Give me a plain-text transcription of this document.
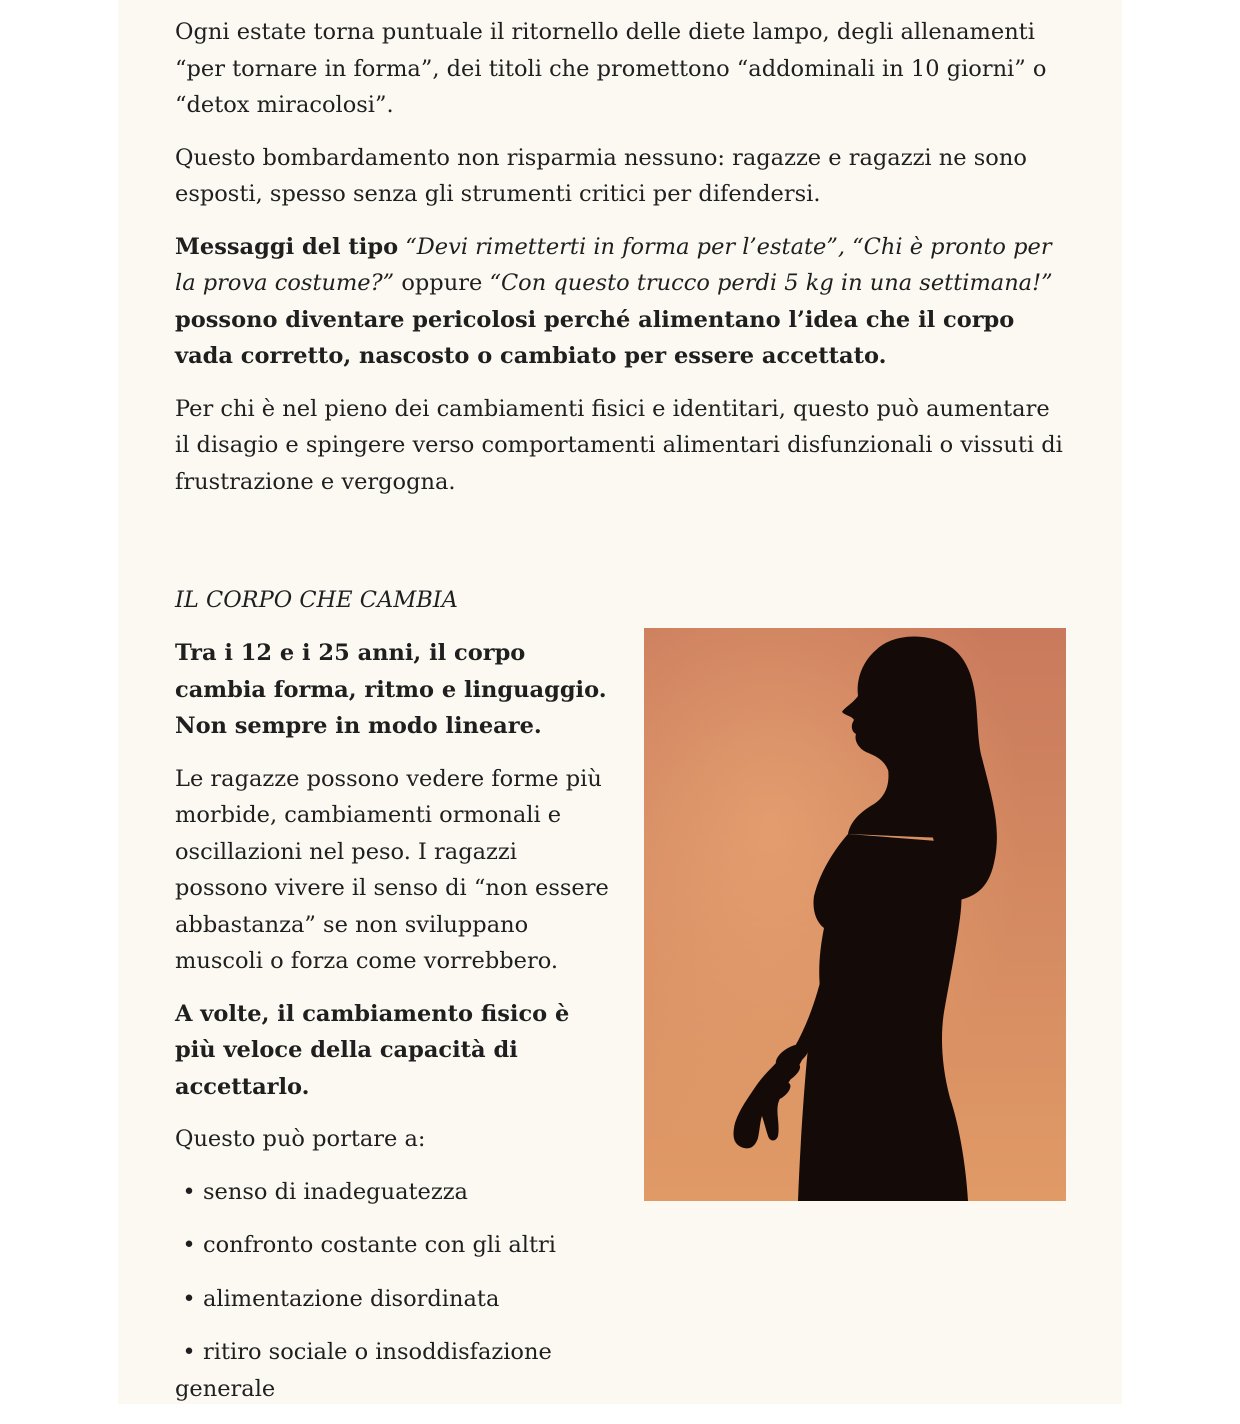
Ogni estate torna puntuale il ritornello delle diete lampo, degli allenamenti “per tornare in forma”, dei titoli che promettono “addominali in 10 giorni” o “detox miracolosi”.

Questo bombardamento non risparmia nessuno: ragazze e ragazzi ne sono esposti, spesso senza gli strumenti critici per difendersi.

Messaggi del tipo “Devi rimetterti in forma per l’estate”, “Chi è pronto per la prova costume?” oppure “Con questo trucco perdi 5 kg in una settimana!” possono diventare pericolosi perché alimentano l’idea che il corpo vada corretto, nascosto o cambiato per essere accettato.

Per chi è nel pieno dei cambiamenti fisici e identitari, questo può aumentare il disagio e spingere verso comportamenti alimentari disfunzionali o vissuti di frustrazione e vergogna.

IL CORPO CHE CAMBIA

Tra i 12 e i 25 anni, il corpo cambia forma, ritmo e linguaggio. Non sempre in modo lineare.

Le ragazze possono vedere forme più morbide, cambiamenti ormonali e oscillazioni nel peso. I ragazzi possono vivere il senso di “non essere abbastanza” se non sviluppano muscoli o forza come vorrebbero.

A volte, il cambiamento fisico è più veloce della capacità di accettarlo.

Questo può portare a:

• senso di inadeguatezza
• confronto costante con gli altri
• alimentazione disordinata
• ritiro sociale o insoddisfazione generale
